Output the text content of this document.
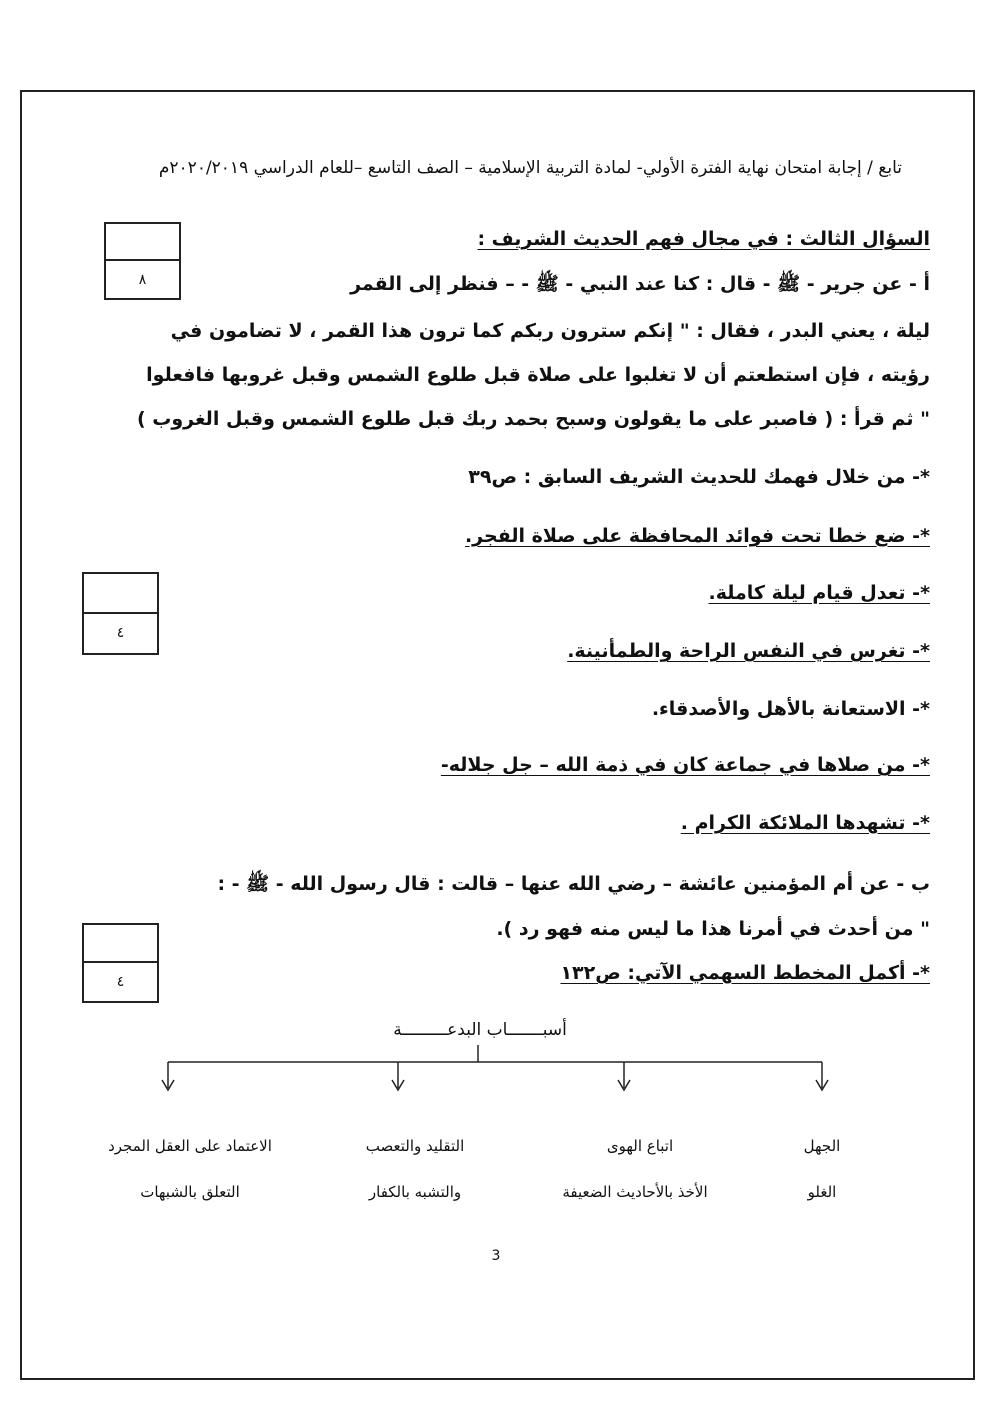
تابع / إجابة امتحان نهاية الفترة الأولي- لمادة التربية الإسلامية – الصف التاسع –للعام الدراسي ٢٠٢٠/٢٠١٩م
السؤال الثالث : في مجال فهم الحديث الشريف :
٨	أ - عن جرير - ﷺ - قال : كنا عند النبي - ﷺ - – فنظر إلى القمر
ليلة ، يعني البدر ، فقال : " إنكم سترون ربكم كما ترون هذا القمر ، لا تضامون في
رؤيته ، فإن استطعتم أن لا تغلبوا على صلاة قبل طلوع الشمس وقبل غروبها فافعلوا
" ثم قرأ : ( فاصبر على ما يقولون وسبح بحمد ربك قبل طلوع الشمس وقبل الغروب )
*- من خلال فهمك للحديث الشريف السابق : ص٣٩
*- ضع خطا تحت فوائد المحافظة على صلاة الفجر.
٤
*- تعدل قيام ليلة كاملة.
*- تغرس في النفس الراحة والطمأنينة.
*- الاستعانة بالأهل والأصدقاء.
*- من صلاها في جماعة كان في ذمة الله – جل جلاله-
*- تشهدها الملائكة الكرام .
ب - عن أم المؤمنين عائشة – رضي الله عنها – قالت : قال رسول الله - ﷺ - :
" من أحدث في أمرنا هذا ما ليس منه فهو رد ).
٤	*- أكمل المخطط السهمي الآتي: ص١٣٢
أسبـــــــاب البدعـــــــــة
الجهل
الغلو
اتباع الهوى
الأخذ بالأحاديث الضعيفة
التقليد والتعصب
والتشبه بالكفار
الاعتماد على العقل المجرد
التعلق بالشبهات
3
